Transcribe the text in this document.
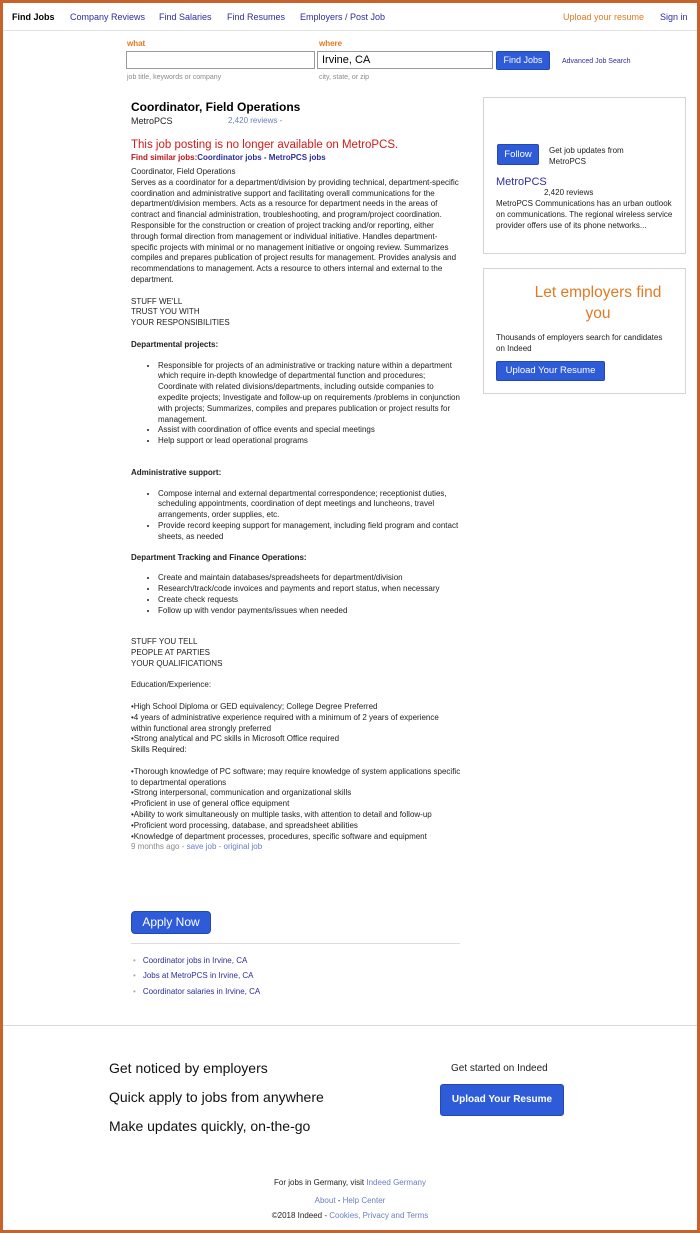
Find Jobs Company Reviews Find Salaries Find Resumes Employers / Post Job	Upload your resume Sign in
what
job title, keywords or company
where
Irvine, CA
city, state, or zip
Find Jobs	Advanced Job Search
Coordinator, Field Operations
MetroPCS	2,420 reviews -
This job posting is no longer available on MetroPCS.
Find similar jobs:Coordinator jobs - MetroPCS jobs

Coordinator, Field Operations

Serves as a coordinator for a department/division by providing technical, department-specific coordination and administrative support and facilitating overall communications for the department/division members. Acts as a resource for department needs in the areas of contract and financial administration, troubleshooting, and program/project coordination. Responsible for the construction or creation of project tracking and/or reporting, either through formal direction from management or individual initiative. Handles department-specific projects with minimal or no management initiative or ongoing review. Summarizes compiles and prepares publication of project results for management. Provides analysis and recommendations to management. Acts a resource to others internal and external to the department.

STUFF WE'LL

TRUST YOU WITH

YOUR RESPONSIBILITIES

Departmental projects:

• Responsible for projects of an administrative or tracking nature within a department which require in-depth knowledge of departmental function and procedures; Coordinate with related divisions/departments, including outside companies to expedite projects; Investigate and follow-up on requirements /problems in conjunction with projects; Summarizes, compiles and prepares publication or project results for management.
• Assist with coordination of office events and special meetings
• Help support or lead operational programs

Administrative support:

• Compose internal and external departmental correspondence; receptionist duties, scheduling appointments, coordination of dept meetings and luncheons, travel arrangements, order supplies, etc.
• Provide record keeping support for management, including field program and contact sheets, as needed

Department Tracking and Finance Operations:

• Create and maintain databases/spreadsheets for department/division
• Research/track/code invoices and payments and report status, when necessary
• Create check requests
• Follow up with vendor payments/issues when needed

STUFF YOU TELL

PEOPLE AT PARTIES

YOUR QUALIFICATIONS

Education/Experience:

•High School Diploma or GED equivalency; College Degree Preferred

•4 years of administrative experience required with a minimum of 2 years of experience within functional area strongly preferred

•Strong analytical and PC skills in Microsoft Office required

Skills Required:

•Thorough knowledge of PC software; may require knowledge of system applications specific to departmental operations

•Strong interpersonal, communication and organizational skills

•Proficient in use of general office equipment

•Ability to work simultaneously on multiple tasks, with attention to detail and follow-up

•Proficient word processing, database, and spreadsheet abilities

•Knowledge of department processes, procedures, specific software and equipment

9 months ago - save job - original job

Apply Now
• Coordinator jobs in Irvine, CA
• Jobs at MetroPCS in Irvine, CA
• Coordinator salaries in Irvine, CA
Follow	Get job updates from MetroPCS
MetroPCS
2,420 reviews
MetroPCS Communications has an urban outlook on communications. The regional wireless service provider offers use of its phone networks...
Let employers find you
Thousands of employers search for candidates on Indeed
Upload Your Resume
Get noticed by employers
Quick apply to jobs from anywhere
Make updates quickly, on-the-go
Get started on Indeed
Upload Your Resume
For jobs in Germany, visit Indeed Germany
About - Help Center
©2018 Indeed - Cookies, Privacy and Terms
